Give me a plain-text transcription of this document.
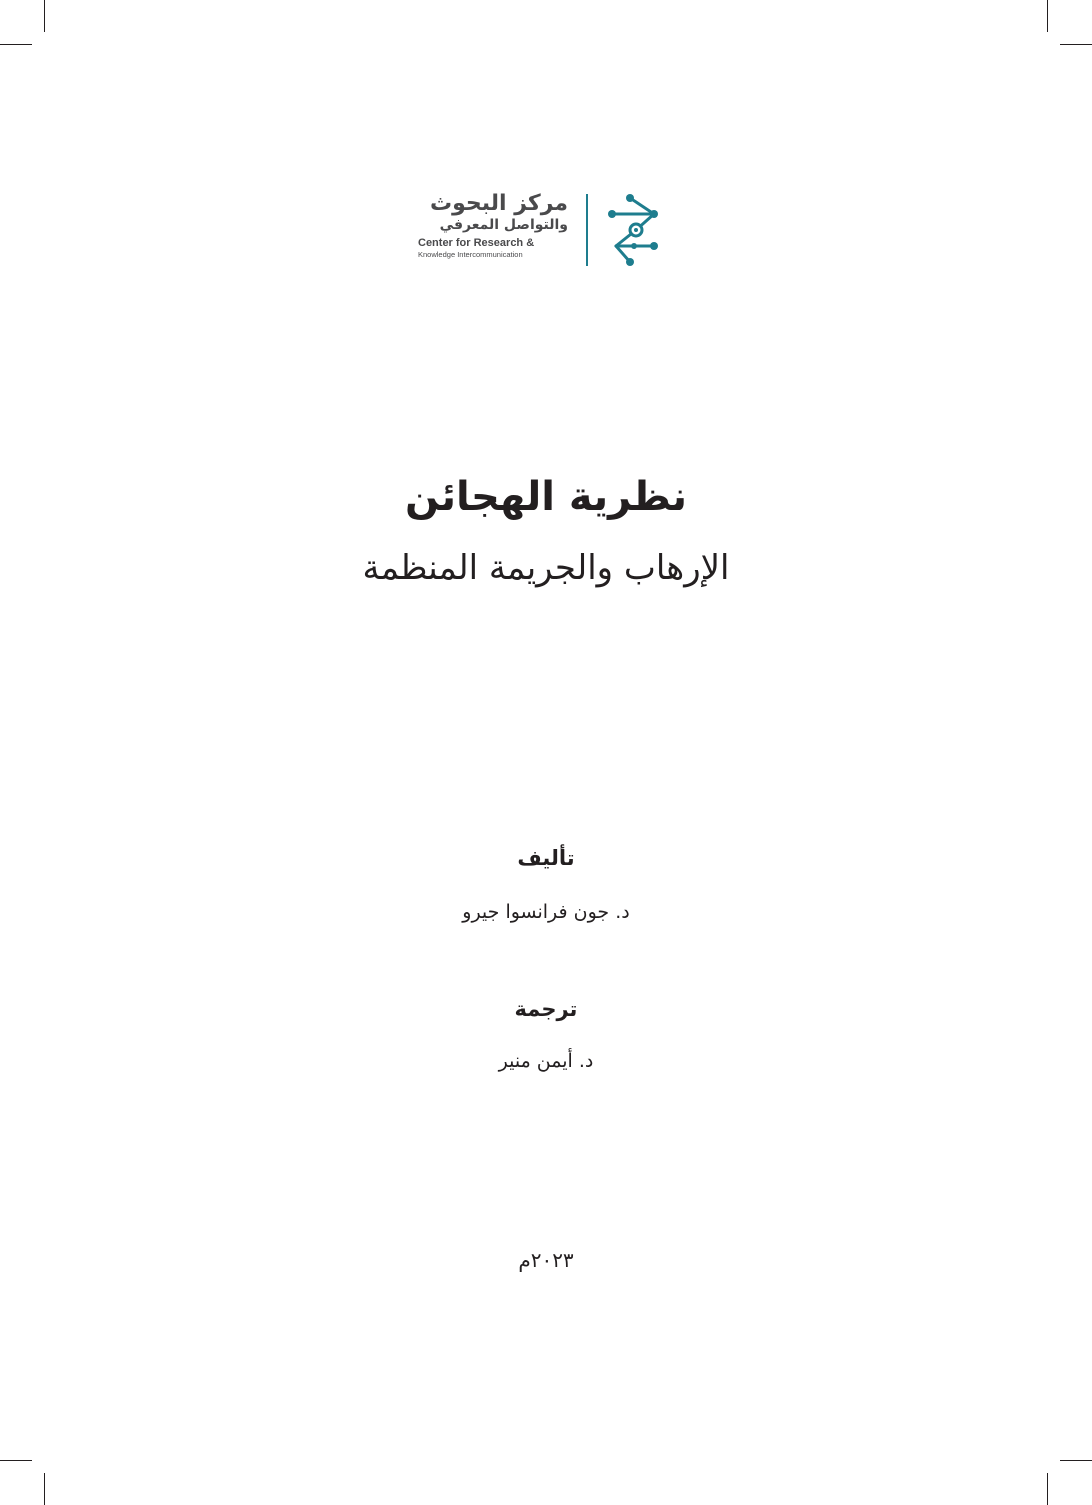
مركز البحوث
والتواصل المعرفي
Center for Research &
Knowledge Intercommunication
نظرية الهجائن
الإرهاب والجريمة المنظمة
تأليف
د. جون فرانسوا جيرو
ترجمة
د. أيمن منير
٢٠٢٣م
